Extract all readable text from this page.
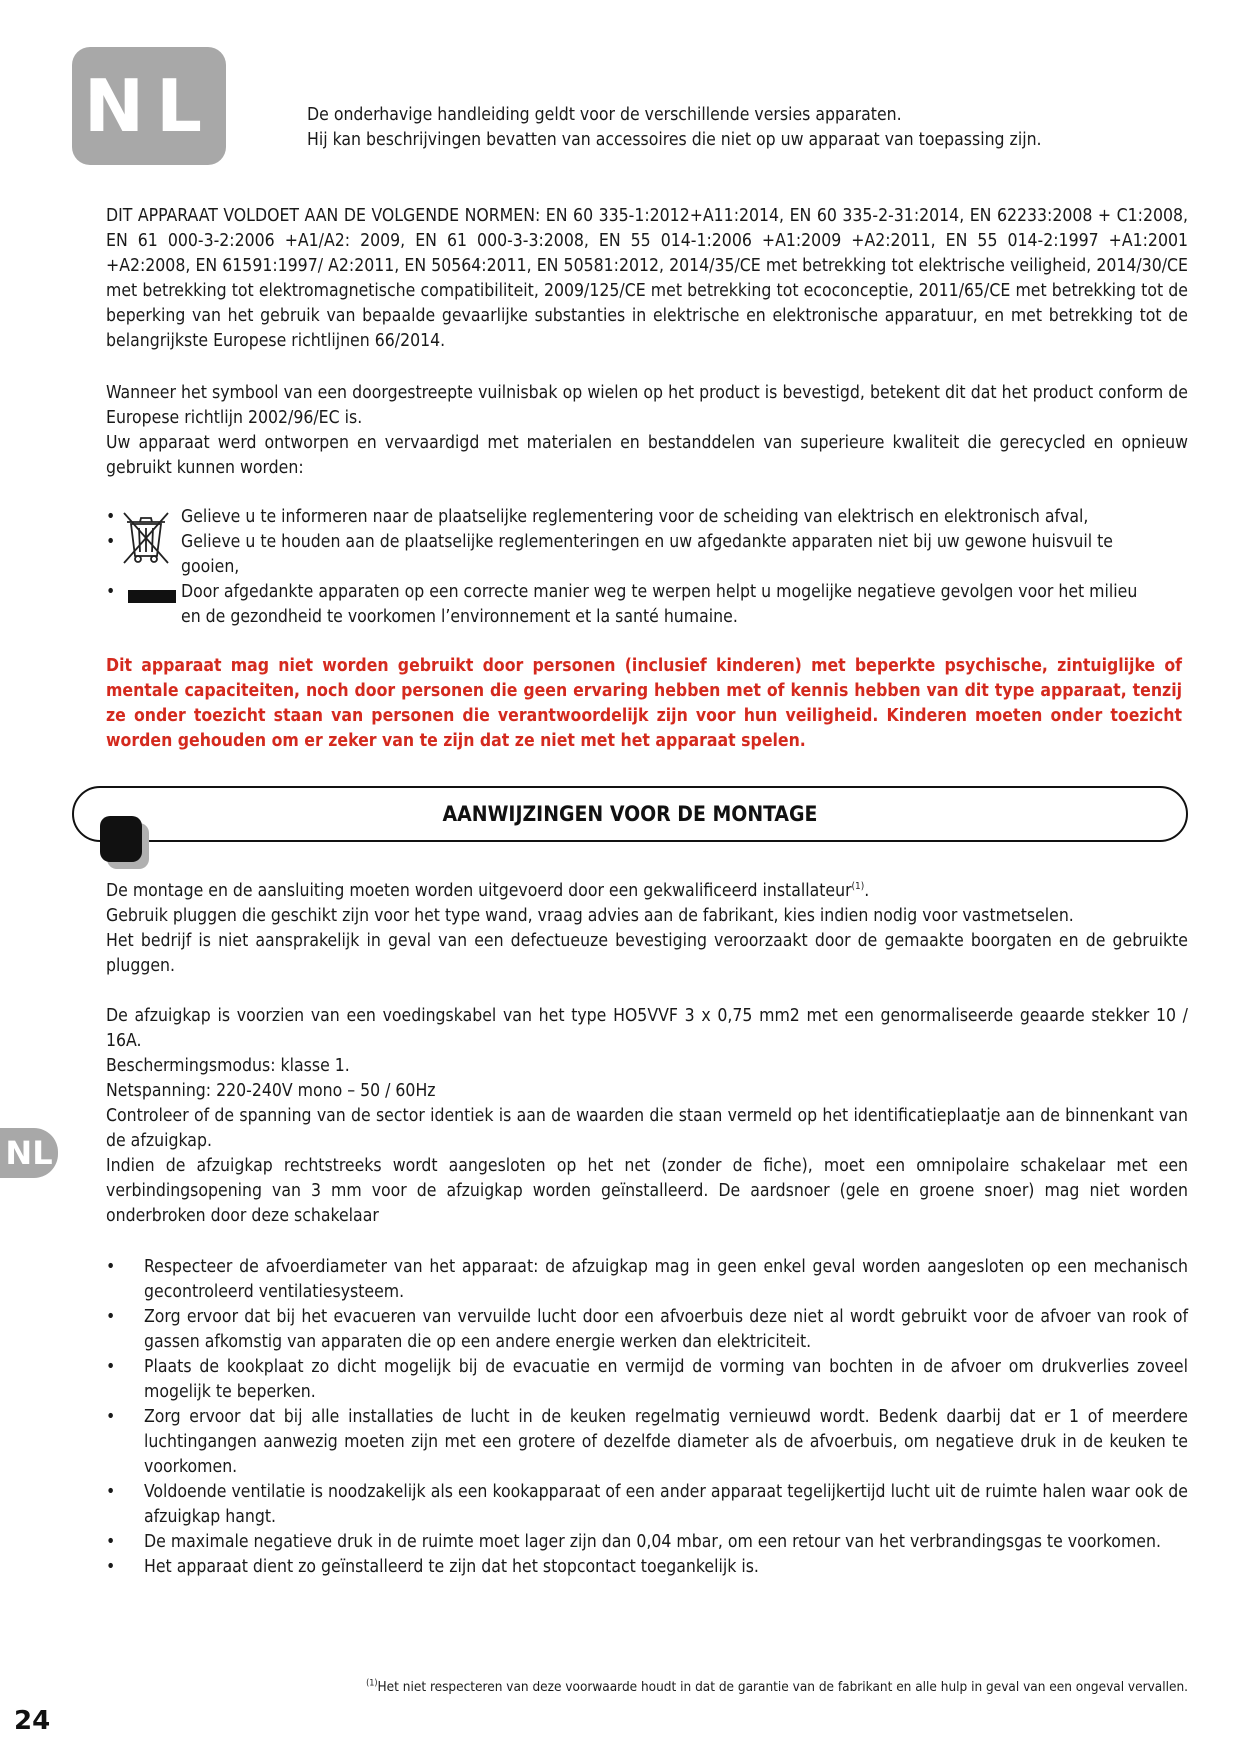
NL	De onderhavige handleiding geldt voor de verschillende versies apparaten.
Hij kan beschrijvingen bevatten van accessoires die niet op uw apparaat van toepassing zijn.
DIT APPARAAT VOLDOET AAN DE VOLGENDE NORMEN: EN 60 335-1:2012+A11:2014, EN 60 335-2-31:2014, EN 62233:2008 + C1:2008, EN 61 000-3-2:2006 +A1/A2: 2009, EN 61 000-3-3:2008, EN 55 014-1:2006 +A1:2009 +A2:2011, EN 55 014-2:1997 +A1:2001 +A2:2008, EN 61591:1997/ A2:2011, EN 50564:2011, EN 50581:2012, 2014/35/CE met betrekking tot elektrische veiligheid, 2014/30/CE met betrekking tot elektromagnetische compatibiliteit, 2009/125/CE met betrekking tot ecoconceptie, 2011/65/CE met betrekking tot de beperking van het gebruik van bepaalde gevaarlijke substanties in elektrische en elektronische apparatuur, en met betrekking tot de belangrijkste Europese richtlijnen 66/2014.
Wanneer het symbool van een doorgestreepte vuilnisbak op wielen op het product is bevestigd, betekent dit dat het product conform de Europese richtlijn 2002/96/EC is.
Uw apparaat werd ontworpen en vervaardigd met materialen en bestanddelen van superieure kwaliteit die gerecycled en opnieuw gebruikt kunnen worden:
•	Gelieve u te informeren naar de plaatselijke reglementering voor de scheiding van elektrisch en elektronisch afval,
•	Gelieve u te houden aan de plaatselijke reglementeringen en uw afgedankte apparaten niet bij uw gewone huisvuil te
gooien,
•	Door afgedankte apparaten op een correcte manier weg te werpen helpt u mogelijke negatieve gevolgen voor het milieu
en de gezondheid te voorkomen l’environnement et la santé humaine.
Dit apparaat mag niet worden gebruikt door personen (inclusief kinderen) met beperkte psychische, zintuiglijke of mentale capaciteiten, noch door personen die geen ervaring hebben met of kennis hebben van dit type apparaat, tenzij ze onder toezicht staan van personen die verantwoordelijk zijn voor hun veiligheid. Kinderen moeten onder toezicht worden gehouden om er zeker van te zijn dat ze niet met het apparaat spelen.
AANWIJZINGEN VOOR DE MONTAGE
De montage en de aansluiting moeten worden uitgevoerd door een gekwalificeerd installateur$^{(1)}$.
Gebruik pluggen die geschikt zijn voor het type wand, vraag advies aan de fabrikant, kies indien nodig voor vastmetselen.
Het bedrijf is niet aansprakelijk in geval van een defectueuze bevestiging veroorzaakt door de gemaakte boorgaten en de gebruikte pluggen.
De afzuigkap is voorzien van een voedingskabel van het type HO5VVF 3 x 0,75 mm2 met een genormaliseerde geaarde stekker 10 / 16A.
Beschermingsmodus: klasse 1.
Netspanning: 220-240V mono – 50 / 60Hz
Controleer of de spanning van de sector identiek is aan de waarden die staan vermeld op het identificatieplaatje aan de binnenkant van de afzuigkap.
Indien de afzuigkap rechtstreeks wordt aangesloten op het net (zonder de fiche), moet een omnipolaire schakelaar met een verbindingsopening van 3 mm voor de afzuigkap worden geïnstalleerd. De aardsnoer (gele en groene snoer) mag niet worden onderbroken door deze schakelaar
• Respecteer de afvoerdiameter van het apparaat: de afzuigkap mag in geen enkel geval worden aangesloten op een mechanisch gecontroleerd ventilatiesysteem.
• Zorg ervoor dat bij het evacueren van vervuilde lucht door een afvoerbuis deze niet al wordt gebruikt voor de afvoer van rook of gassen afkomstig van apparaten die op een andere energie werken dan elektriciteit.
• Plaats de kookplaat zo dicht mogelijk bij de evacuatie en vermijd de vorming van bochten in de afvoer om drukverlies zoveel mogelijk te beperken.
• Zorg ervoor dat bij alle installaties de lucht in de keuken regelmatig vernieuwd wordt. Bedenk daarbij dat er 1 of meerdere luchtingangen aanwezig moeten zijn met een grotere of dezelfde diameter als de afvoerbuis, om negatieve druk in de keuken te voorkomen.
• Voldoende ventilatie is noodzakelijk als een kookapparaat of een ander apparaat tegelijkertijd lucht uit de ruimte halen waar ook de afzuigkap hangt.
• De maximale negatieve druk in de ruimte moet lager zijn dan 0,04 mbar, om een retour van het verbrandingsgas te voorkomen.
• Het apparaat dient zo geïnstalleerd te zijn dat het stopcontact toegankelijk is.
NL
$^{(1)}$Het niet respecteren van deze voorwaarde houdt in dat de garantie van de fabrikant en alle hulp in geval van een ongeval vervallen.
24
